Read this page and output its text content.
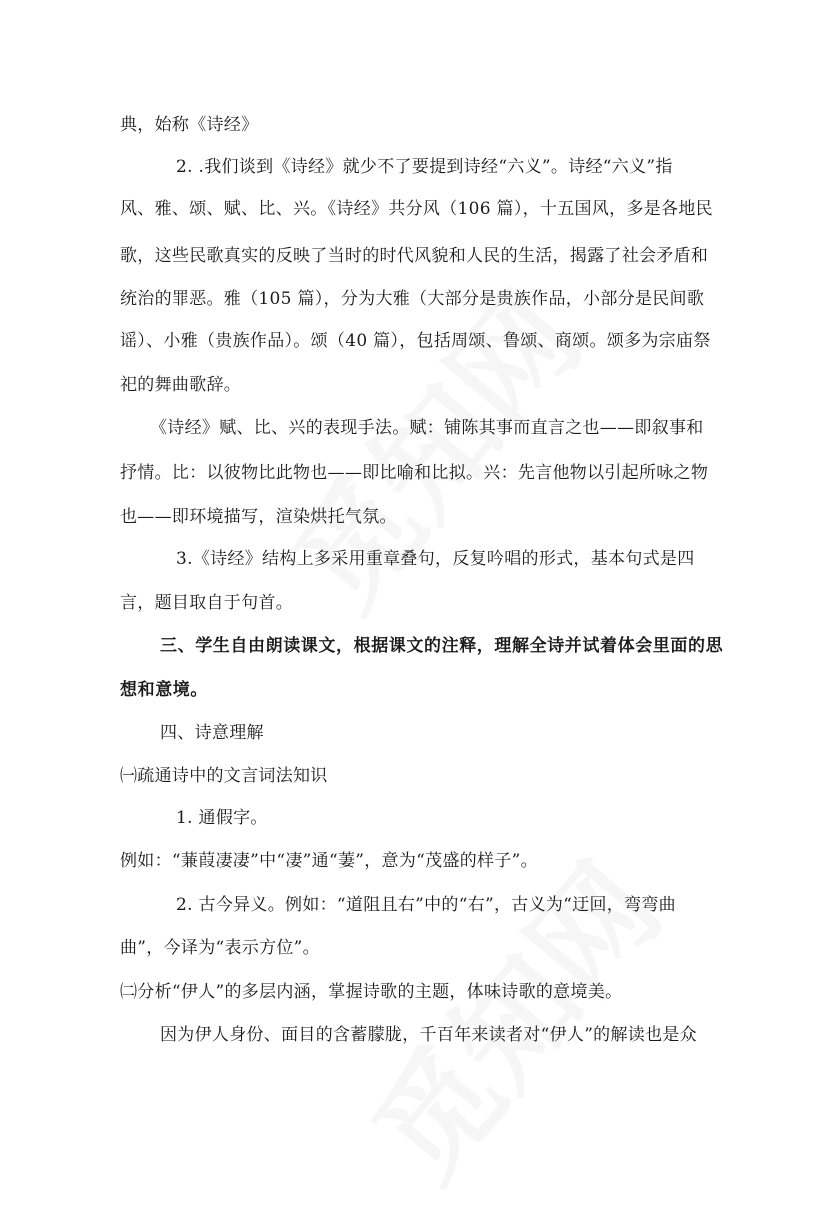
典，始称《诗经》
2. .我们谈到《诗经》就少不了要提到诗经“六义”。诗经“六义”指
风、雅、颂、赋、比、兴。《诗经》共分风（106 篇），十五国风，多是各地民
歌，这些民歌真实的反映了当时的时代风貌和人民的生活，揭露了社会矛盾和
统治的罪恶。雅（105 篇），分为大雅（大部分是贵族作品，小部分是民间歌
谣）、小雅（贵族作品）。颂（40 篇），包括周颂、鲁颂、商颂。颂多为宗庙祭
祀的舞曲歌辞。
《诗经》赋、比、兴的表现手法。赋：铺陈其事而直言之也——即叙事和
抒情。比：以彼物比此物也——即比喻和比拟。兴：先言他物以引起所咏之物
也——即环境描写，渲染烘托气氛。
3.《诗经》结构上多采用重章叠句，反复吟唱的形式，基本句式是四
言，题目取自于句首。
三、学生自由朗读课文，根据课文的注释，理解全诗并试着体会里面的思
想和意境。
四、诗意理解
㈠疏通诗中的文言词法知识
1. 通假字。
例如：“蒹葭凄凄”中“凄”通“萋”，意为“茂盛的样子”。
2. 古今异义。例如：“道阻且右”中的“右”，古义为“迂回，弯弯曲
曲”，今译为“表示方位”。
㈡分析“伊人”的多层内涵，掌握诗歌的主题，体味诗歌的意境美。
因为伊人身份、面目的含蓄朦胧，千百年来读者对“伊人”的解读也是众
